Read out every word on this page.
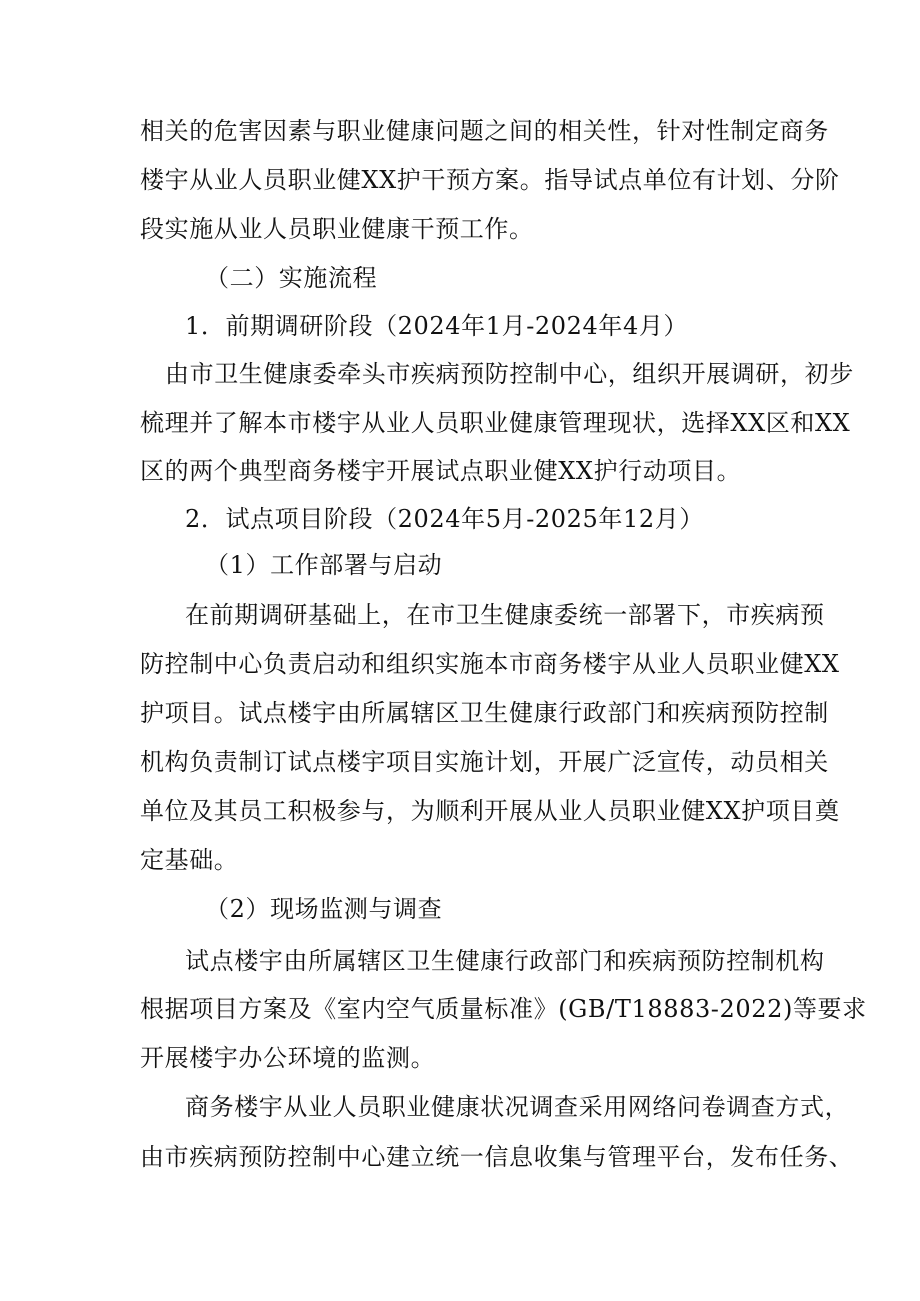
相关的危害因素与职业健康问题之间的相关性，针对性制定商务
楼宇从业人员职业健XX护干预方案。指导试点单位有计划、分阶
段实施从业人员职业健康干预工作。
（二）实施流程
1．前期调研阶段（2024年1月-2024年4月）
由市卫生健康委牵头市疾病预防控制中心，组织开展调研，初步
梳理并了解本市楼宇从业人员职业健康管理现状，选择XX区和XX
区的两个典型商务楼宇开展试点职业健XX护行动项目。
2．试点项目阶段（2024年5月-2025年12月）
（1）工作部署与启动
在前期调研基础上，在市卫生健康委统一部署下，市疾病预
防控制中心负责启动和组织实施本市商务楼宇从业人员职业健XX
护项目。试点楼宇由所属辖区卫生健康行政部门和疾病预防控制
机构负责制订试点楼宇项目实施计划，开展广泛宣传，动员相关
单位及其员工积极参与，为顺利开展从业人员职业健XX护项目奠
定基础。
（2）现场监测与调查
试点楼宇由所属辖区卫生健康行政部门和疾病预防控制机构
根据项目方案及《室内空气质量标准》(GB/T18883-2022)等要求
开展楼宇办公环境的监测。
商务楼宇从业人员职业健康状况调查采用网络问卷调查方式，
由市疾病预防控制中心建立统一信息收集与管理平台，发布任务、
